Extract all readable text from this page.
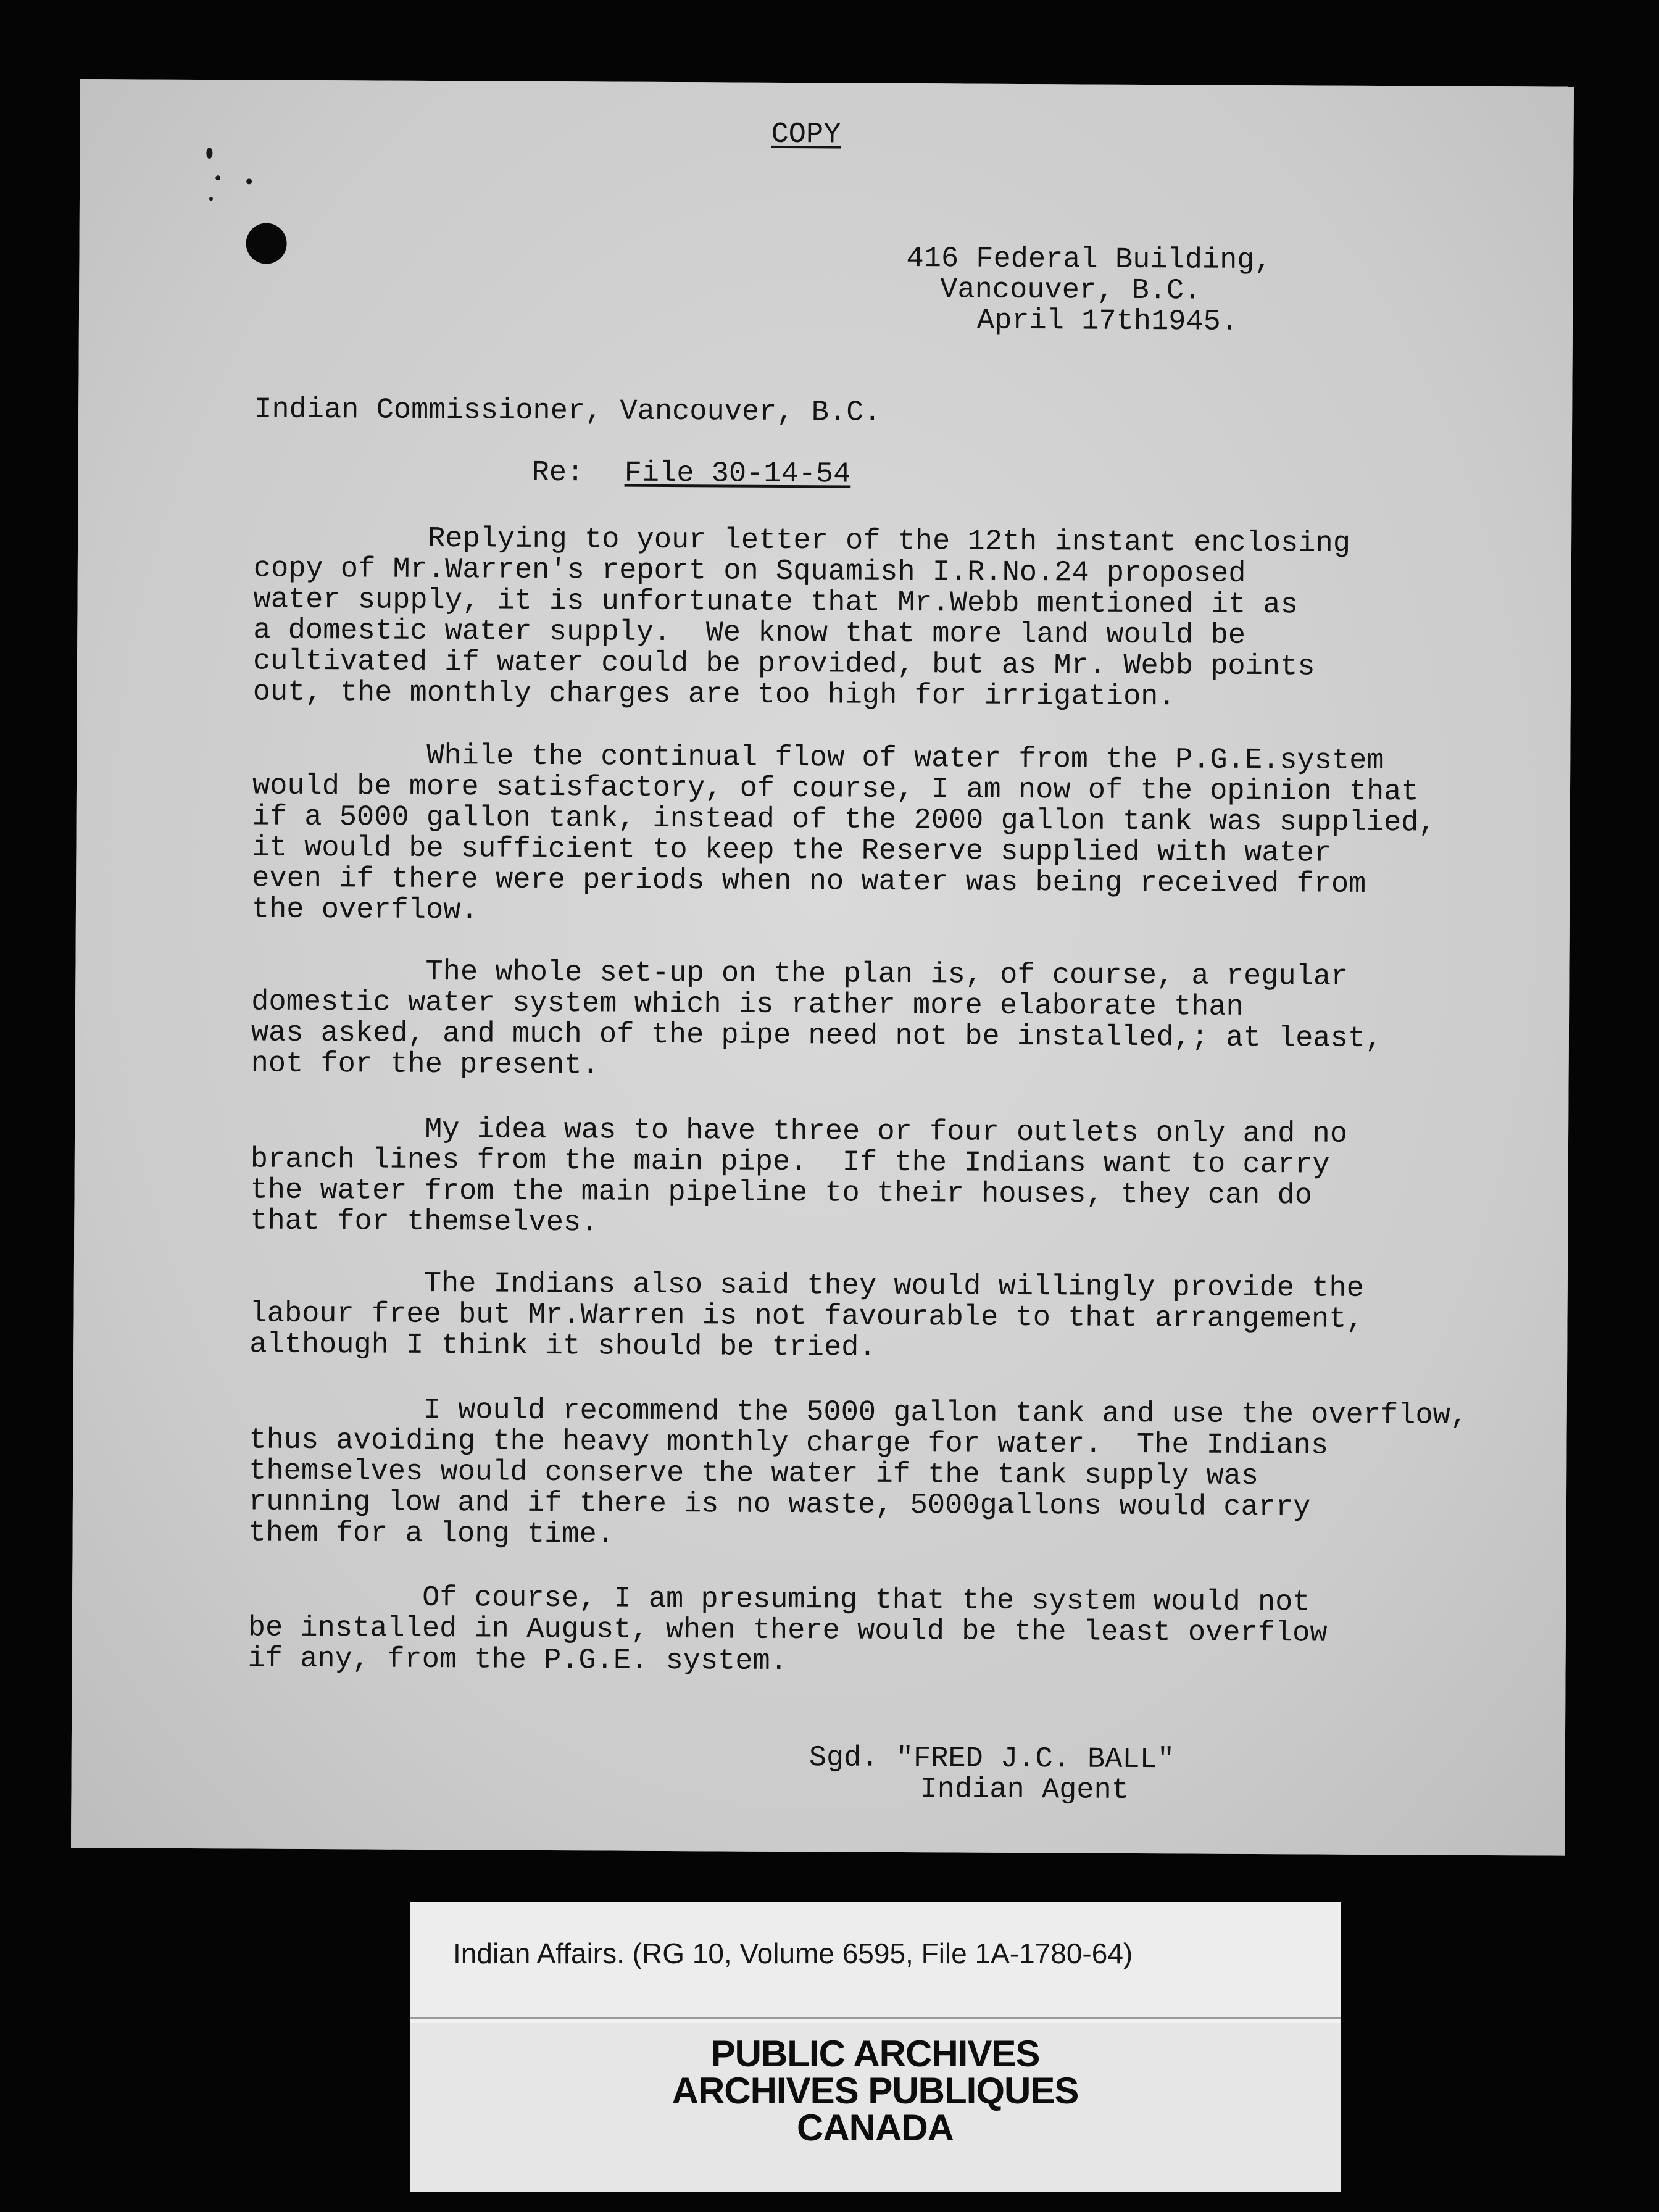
COPY
416 Federal Building,
Vancouver, B.C.
April 17th1945.
Indian Commissioner, Vancouver, B.C.
Re: File 30-14-54
Replying to your letter of the 12th instant enclosing
copy of Mr.Warren's report on Squamish I.R.No.24 proposed
water supply, it is unfortunate that Mr.Webb mentioned it as
a domestic water supply.  We know that more land would be
cultivated if water could be provided, but as Mr. Webb points
out, the monthly charges are too high for irrigation.
While the continual flow of water from the P.G.E.system
would be more satisfactory, of course, I am now of the opinion that
if a 5000 gallon tank, instead of the 2000 gallon tank was supplied,
it would be sufficient to keep the Reserve supplied with water
even if there were periods when no water was being received from
the overflow.
The whole set-up on the plan is, of course, a regular
domestic water system which is rather more elaborate than
was asked, and much of the pipe need not be installed,; at least,
not for the present.
My idea was to have three or four outlets only and no
branch lines from the main pipe.  If the Indians want to carry
the water from the main pipeline to their houses, they can do
that for themselves.
The Indians also said they would willingly provide the
labour free but Mr.Warren is not favourable to that arrangement,
although I think it should be tried.
I would recommend the 5000 gallon tank and use the overflow,
thus avoiding the heavy monthly charge for water.  The Indians
themselves would conserve the water if the tank supply was
running low and if there is no waste, 5000gallons would carry
them for a long time.
Of course, I am presuming that the system would not
be installed in August, when there would be the least overflow
if any, from the P.G.E. system.
Sgd. "FRED J.C. BALL"
Indian Agent
Indian Affairs. (RG 10, Volume 6595, File 1A-1780-64)
PUBLIC ARCHIVES
ARCHIVES PUBLIQUES
CANADA
